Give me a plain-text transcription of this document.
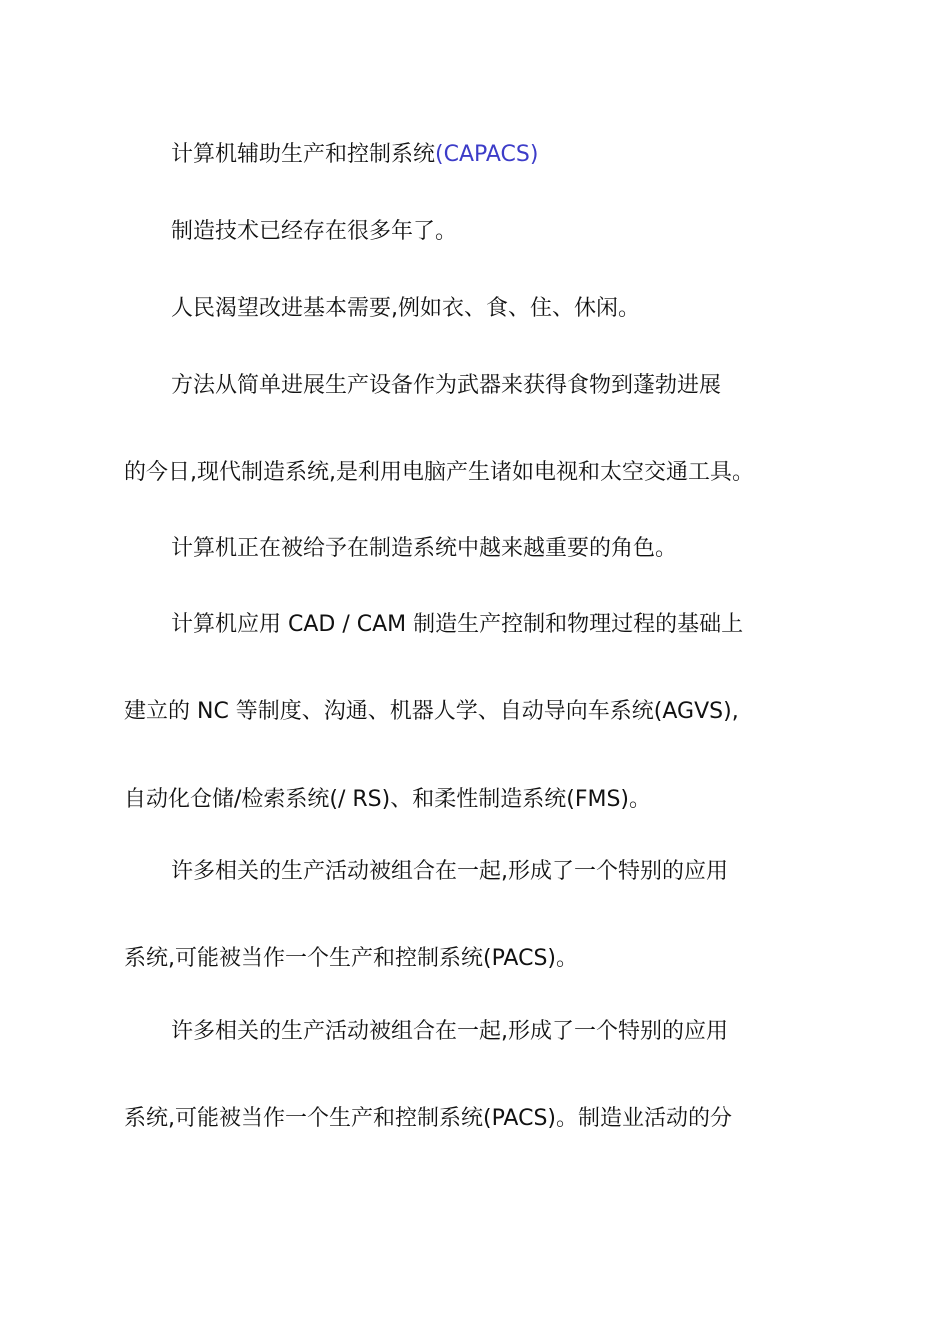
计算机辅助生产和控制系统(CAPACS)
制造技术已经存在很多年了。
人民渴望改进基本需要,例如衣、食、住、休闲。
方法从简单进展生产设备作为武器来获得食物到蓬勃进展
的今日,现代制造系统,是利用电脑产生诸如电视和太空交通工具。
计算机正在被给予在制造系统中越来越重要的角色。
计算机应用 CAD / CAM 制造生产控制和物理过程的基础上
建立的 NC 等制度、沟通、机器人学、自动导向车系统(AGVS),
自动化仓储/检索系统(/ RS)、和柔性制造系统(FMS)。
许多相关的生产活动被组合在一起,形成了一个特别的应用
系统,可能被当作一个生产和控制系统(PACS)。
许多相关的生产活动被组合在一起,形成了一个特别的应用
系统,可能被当作一个生产和控制系统(PACS)。制造业活动的分
